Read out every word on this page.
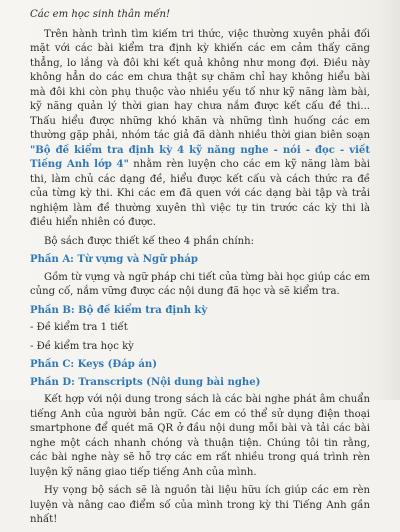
Các em học sinh thân mến!

Trên hành trình tìm kiếm tri thức, việc thường xuyên phải đối mặt với các bài kiểm tra định kỳ khiến các em cảm thấy căng thẳng, lo lắng và đôi khi kết quả không như mong đợi. Điều này không hẳn do các em chưa thật sự chăm chỉ hay không hiểu bài mà đôi khi còn phụ thuộc vào nhiều yếu tố như kỹ năng làm bài, kỹ năng quản lý thời gian hay chưa nắm được kết cấu đề thi... Thấu hiểu được những khó khăn và những tình huống các em thường gặp phải, nhóm tác giả đã dành nhiều thời gian biên soạn "Bộ đề kiểm tra định kỳ 4 kỹ năng nghe - nói - đọc - viết Tiếng Anh lớp 4" nhằm rèn luyện cho các em kỹ năng làm bài thi, làm chủ các dạng đề, hiểu được kết cấu và cách thức ra đề của từng kỳ thi. Khi các em đã quen với các dạng bài tập và trải nghiệm làm đề thường xuyên thì việc tự tin trước các kỳ thi là điều hiển nhiên có được.

Bộ sách được thiết kế theo 4 phần chính:

Phần A: Từ vựng và Ngữ pháp

Gồm từ vựng và ngữ pháp chi tiết của từng bài học giúp các em củng cố, nắm vững được các nội dung đã học và sẽ kiểm tra.

Phần B: Bộ đề kiểm tra định kỳ

- Đề kiểm tra 1 tiết

- Đề kiểm tra học kỳ

Phần C: Keys (Đáp án)
Phần D: Transcripts (Nội dung bài nghe)

Kết hợp với nội dung trong sách là các bài nghe phát âm chuẩn tiếng Anh của người bản ngữ. Các em có thể sử dụng điện thoại smartphone để quét mã QR ở đầu nội dung mỗi bài và tải các bài nghe một cách nhanh chóng và thuận tiện. Chúng tôi tin rằng, các bài nghe này sẽ hỗ trợ các em rất nhiều trong quá trình rèn luyện kỹ năng giao tiếp tiếng Anh của mình.

Hy vọng bộ sách sẽ là nguồn tài liệu hữu ích giúp các em rèn luyện và nâng cao điểm số của mình trong kỳ thi Tiếng Anh gần nhất!
